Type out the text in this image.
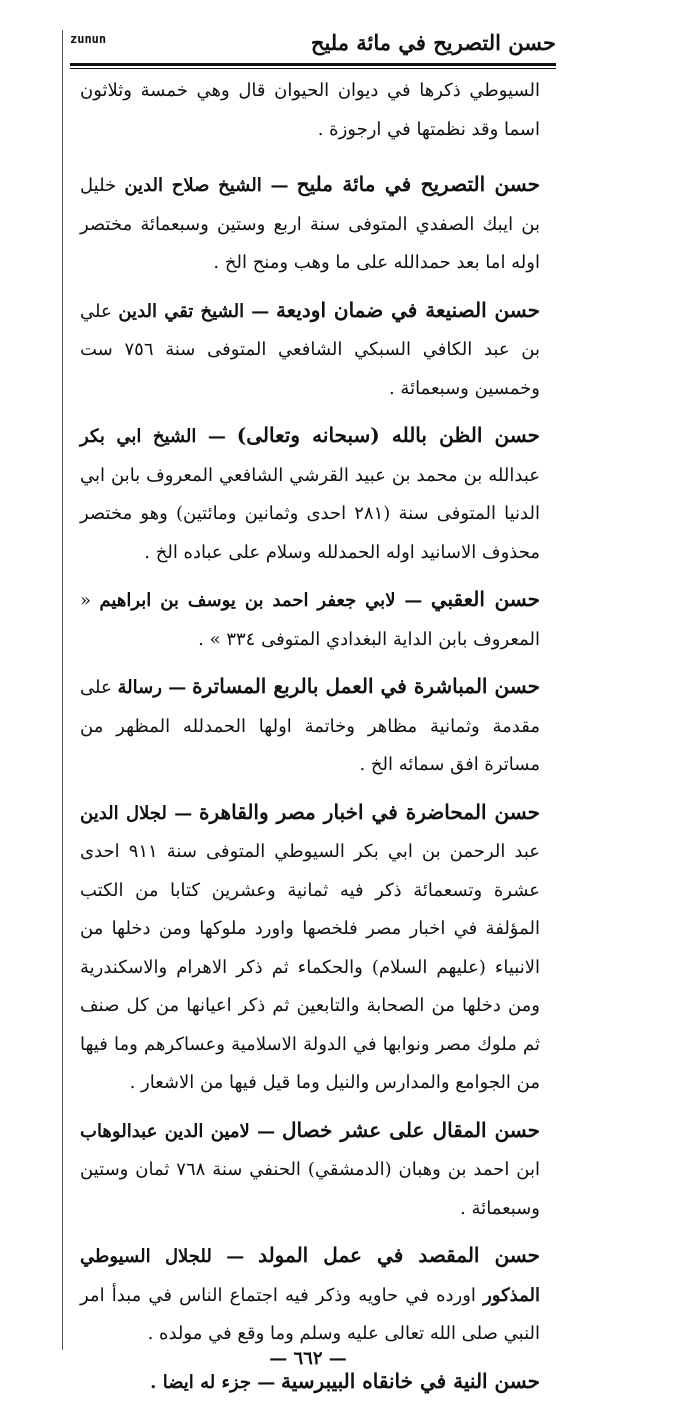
zunun	حسن التصريح في مائة مليح

السيوطي ذكرها في ديوان الحيوان قال وهي خمسة وثلاثون اسما وقد نظمتها في ارجوزة .

حسن التصريح في مائة مليح — الشيخ صلاح الدين خليل بن ايبك الصفدي المتوفى سنة اربع وستين وسبعمائة مختصر اوله اما بعد حمدالله على ما وهب ومنح الخ .

حسن الصنيعة في ضمان اوديعة — الشيخ تقي الدين علي بن عبد الكافي السبكي الشافعي المتوفى سنة ٧٥٦ ست وخمسين وسبعمائة .

حسن الظن بالله (سبحانه وتعالى) — الشيخ ابي بكر عبدالله بن محمد بن عبيد القرشي الشافعي المعروف بابن ابي الدنيا المتوفى سنة (٢٨١ احدى وثمانين ومائتين) وهو مختصر محذوف الاسانيد اوله الحمدلله وسلام على عباده الخ .

حسن العقبي — لابي جعفر احمد بن يوسف بن ابراهيم « المعروف بابن الداية البغدادي المتوفى ٣٣٤ » .

حسن المباشرة في العمل بالربع المساترة — رسالة على مقدمة وثمانية مظاهر وخاتمة اولها الحمدلله المظهر من مساترة افق سمائه الخ .

حسن المحاضرة في اخبار مصر والقاهرة — لجلال الدين عبد الرحمن بن ابي بكر السيوطي المتوفى سنة ٩١١ احدى عشرة وتسعمائة ذكر فيه ثمانية وعشرين كتابا من الكتب المؤلفة في اخبار مصر فلخصها واورد ملوكها ومن دخلها من الانبياء (عليهم السلام) والحكماء ثم ذكر الاهرام والاسكندرية ومن دخلها من الصحابة والتابعين ثم ذكر اعيانها من كل صنف ثم ملوك مصر ونوابها في الدولة الاسلامية وعساكرهم وما فيها من الجوامع والمدارس والنيل وما قيل فيها من الاشعار .

حسن المقال على عشر خصال — لامين الدين عبدالوهاب ابن احمد بن وهبان (الدمشقي) الحنفي سنة ٧٦٨ ثمان وستين وسبعمائة .

حسن المقصد في عمل المولد — للجلال السيوطي المذكور اورده في حاويه وذكر فيه اجتماع الناس في مبدأ امر النبي صلى الله تعالى عليه وسلم وما وقع في مولده .

حسن النية في خانقاه البيبرسية — جزء له ايضا .

— ٦٦٢ —
